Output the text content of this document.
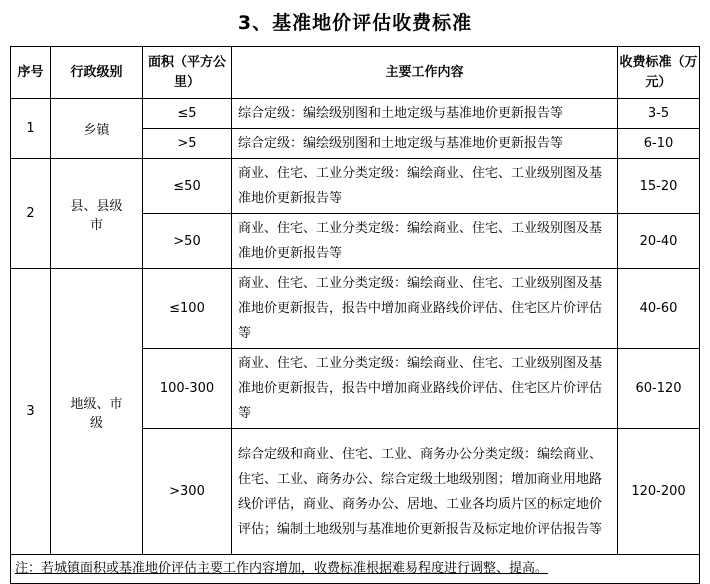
3、基准地价评估收费标准
序号	行政级别	面积（平方公里）	主要工作内容	收费标准（万元）
1	乡镇	≤5	综合定级：编绘级别图和土地定级与基准地价更新报告等	3-5
		>5	综合定级：编绘级别图和土地定级与基准地价更新报告等	6-10
2	县、县级市	≤50	商业、住宅、工业分类定级：编绘商业、住宅、工业级别图及基准地价更新报告等	15-20
		>50	商业、住宅、工业分类定级：编绘商业、住宅、工业级别图及基准地价更新报告等	20-40
3	地级、市级	≤100	商业、住宅、工业分类定级：编绘商业、住宅、工业级别图及基准地价更新报告，报告中增加商业路线价评估、住宅区片价评估等	40-60
		100-300	商业、住宅、工业分类定级：编绘商业、住宅、工业级别图及基准地价更新报告，报告中增加商业路线价评估、住宅区片价评估等	60-120
		>300	综合定级和商业、住宅、工业、商务办公分类定级：编绘商业、住宅、工业、商务办公、综合定级土地级别图；增加商业用地路线价评估，商业、商务办公、居地、工业各均质片区的标定地价评估；编制土地级别与基准地价更新报告及标定地价评估报告等	120-200
注：若城镇面积或基准地价评估主要工作内容增加，收费标准根据难易程度进行调整、提高。				
